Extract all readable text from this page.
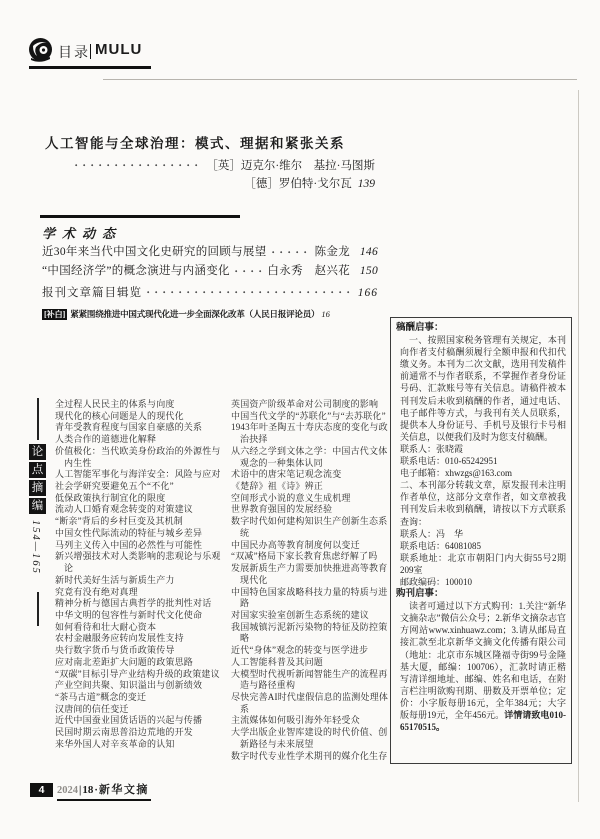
目录 MULU
人工智能与全球治理：模式、理据和紧张关系
［英］迈克尔·维尔　基拉·马图斯
［德］罗伯特·戈尔瓦 139
学术动态
近30年来当代中国文化史研究的回顾与展望	陈金龙 146
“中国经济学”的概念演进与内涵变化	白永秀　赵兴花 150
报刊文章篇目辑览	166
[补白] 紧紧围绕推进中国式现代化进一步全面深化改革（人民日报评论员） 16
论
点
摘
编
154—165
全过程人民民主的体系与向度
现代化的核心问题是人的现代化
青年受教育程度与国家自豪感的关系
人类合作的道德进化解释
价值极化：当代欧美身份政治的外源性与内生性
人工智能军事化与海洋安全：风险与应对
社会学研究要避免五个“不化”
低保政策执行制宜化的限度
流动人口婚育观念转变的对策建议
“断亲”背后的乡村巨变及其机制
中国女性代际流动的特征与城乡差异
马列主义传入中国的必然性与可能性
新兴增强技术对人类影响的悲观论与乐观论
新时代美好生活与新质生产力
究竟有没有绝对真理
精神分析与德国古典哲学的批判性对话
中华文明的包容性与新时代文化使命
如何看待和壮大耐心资本
农村金融服务应转向发展性支持
央行数字货币与货币政策传导
应对南北差距扩大问题的政策思路
“双碳”目标引导产业结构升级的政策建议
产业空间共聚、知识溢出与创新绩效
“茶马古道”概念的变迁
汉唐间的信任变迁
近代中国蚕业国货话语的兴起与传播
民国时期云南思普沿边荒地的开发
来华外国人对辛亥革命的认知
英国资产阶级革命对公司制度的影响
中国当代文学的“苏联化”与“去苏联化”
1943年叶圣陶五十寿庆态度的变化与政治抉择
从六经之学到文体之学：中国古代文体观念的一种集体认同
术语中的唐宋笔记观念流变
《楚辞》祖《诗》辨正
空间形式小说的意义生成机理
世界教育强国的发展经验
数字时代如何建构知识生产创新生态系统
中国民办高等教育制度何以变迁
“双减”格局下家长教育焦虑纾解了吗
发展新质生产力需要加快推进高等教育现代化
中国特色国家战略科技力量的特质与进路
对国家实验室创新生态系统的建议
我国城镇污泥新污染物的特征及防控策略
近代“身体”观念的转变与医学进步
人工智能科普及其问题
大模型时代视听新闻智能生产的流程再造与路径重构
尽快完善AI时代虚假信息的监测处理体系
主流媒体如何吸引海外年轻受众
大学出版企业智库建设的时代价值、创新路径与未来展望
数字时代专业性学术期刊的媒介化生存
稿酬启事：

一、按照国家税务管理有关规定，本刊向作者支付稿酬须履行全额申报和代扣代缴义务。本刊为二次文献，选用刊发稿件前通常不与作者联系，不掌握作者身份证号码、汇款账号等有关信息。请稿件被本刊刊发后未收到稿酬的作者，通过电话、电子邮件等方式，与我刊有关人员联系，提供本人身份证号、手机号及银行卡号相关信息，以便我们及时为您支付稿酬。

联系人：张晓霞

联系电话：010-65242951

电子邮箱：xhwzgs@163.com

二、本刊部分转载文章，原发报刊未注明作者单位，这部分文章作者，如文章被我刊刊发后未收到稿酬，请按以下方式联系查询：

联系人：冯　华

联系电话：64081085

联系地址：北京市朝阳门内大街55号2期209室

邮政编码：100010

购刊启事：

读者可通过以下方式购刊：1.关注“新华文摘杂志”微信公众号；2.新华文摘杂志官方网站www.xinhuawz.com；3.请从邮局直接汇款至北京新华文摘文化传播有限公司（地址：北京市东城区隆福寺街99号金隆基大厦，邮编：100706），汇款时请正楷写清详细地址、邮编、姓名和电话，在附言栏注明欲购刊期、册数及开票单位；定价：小字版每册16元，全年384元；大字版每册19元，全年456元。详情请致电010-65170515。

4	2024|18·新华文摘
